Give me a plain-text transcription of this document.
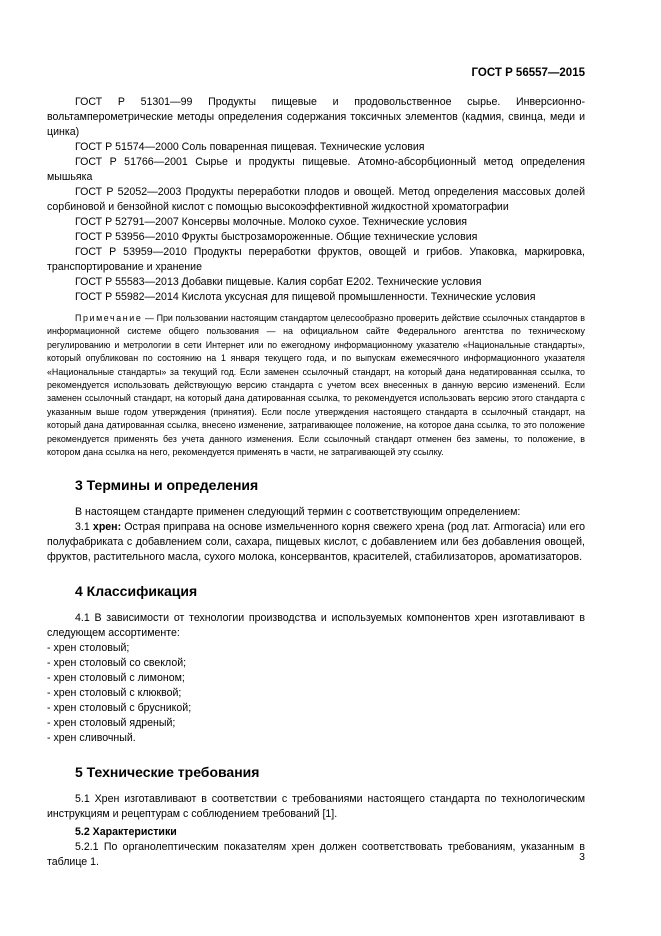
ГОСТ Р 56557—2015

ГОСТ Р 51301—99 Продукты пищевые и продовольственное сырье. Инверсионно-вольтамперометрические методы определения содержания токсичных элементов (кадмия, свинца, меди и цинка)

ГОСТ Р 51574—2000 Соль поваренная пищевая. Технические условия

ГОСТ Р 51766—2001 Сырье и продукты пищевые. Атомно-абсорбционный метод определения мышьяка

ГОСТ Р 52052—2003 Продукты переработки плодов и овощей. Метод определения массовых долей сорбиновой и бензойной кислот с помощью высокоэффективной жидкостной хроматографии

ГОСТ Р 52791—2007 Консервы молочные. Молоко сухое. Технические условия

ГОСТ Р 53956—2010 Фрукты быстрозамороженные. Общие технические условия

ГОСТ Р 53959—2010 Продукты переработки фруктов, овощей и грибов. Упаковка, маркировка, транспортирование и хранение

ГОСТ Р 55583—2013 Добавки пищевые. Калия сорбат Е202. Технические условия

ГОСТ Р 55982—2014 Кислота уксусная для пищевой промышленности. Технические условия

Примечание — При пользовании настоящим стандартом целесообразно проверить действие ссылочных стандартов в информационной системе общего пользования — на официальном сайте Федерального агентства по техническому регулированию и метрологии в сети Интернет или по ежегодному информационному указателю «Национальные стандарты», который опубликован по состоянию на 1 января текущего года, и по выпускам ежемесячного информационного указателя «Национальные стандарты» за текущий год. Если заменен ссылочный стандарт, на который дана недатированная ссылка, то рекомендуется использовать действующую версию стандарта с учетом всех внесенных в данную версию изменений. Если заменен ссылочный стандарт, на который дана датированная ссылка, то рекомендуется использовать версию этого стандарта с указанным выше годом утверждения (принятия). Если после утверждения настоящего стандарта в ссылочный стандарт, на который дана датированная ссылка, внесено изменение, затрагивающее положение, на которое дана ссылка, то это положение рекомендуется применять без учета данного изменения. Если ссылочный стандарт отменен без замены, то положение, в котором дана ссылка на него, рекомендуется применять в части, не затрагивающей эту ссылку.

3 Термины и определения

В настоящем стандарте применен следующий термин с соответствующим определением:

3.1 хрен: Острая приправа на основе измельченного корня свежего хрена (род лат. Armoracia) или его полуфабриката с добавлением соли, сахара, пищевых кислот, с добавлением или без добавления овощей, фруктов, растительного масла, сухого молока, консервантов, красителей, стабилизаторов, ароматизаторов.

4 Классификация

4.1 В зависимости от технологии производства и используемых компонентов хрен изготавливают в следующем ассортименте:

- хрен столовый;
- хрен столовый со свеклой;
- хрен столовый с лимоном;
- хрен столовый с клюквой;
- хрен столовый с брусникой;
- хрен столовый ядреный;
- хрен сливочный.
5 Технические требования

5.1 Хрен изготавливают в соответствии с требованиями настоящего стандарта по технологическим инструкциям и рецептурам с соблюдением требований [1].

5.2 Характеристики

5.2.1 По органолептическим показателям хрен должен соответствовать требованиям, указанным в таблице 1.	3
